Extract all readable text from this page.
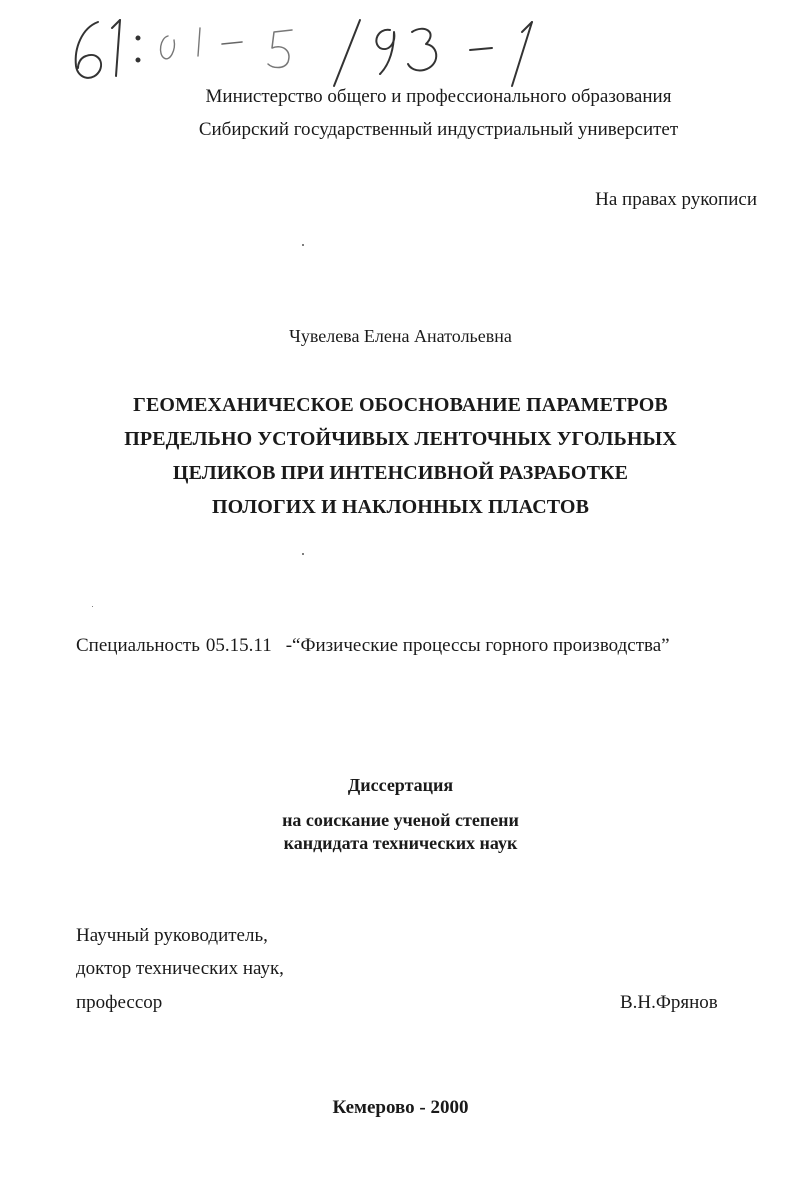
Министерство общего и профессионального образования
Сибирский государственный индустриальный университет
На правах рукописи
Чувелева Елена Анатольевна
ГЕОМЕХАНИЧЕСКОЕ ОБОСНОВАНИЕ ПАРАМЕТРОВ
ПРЕДЕЛЬНО УСТОЙЧИВЫХ ЛЕНТОЧНЫХ УГОЛЬНЫХ
ЦЕЛИКОВ ПРИ ИНТЕНСИВНОЙ РАЗРАБОТКЕ
ПОЛОГИХ И НАКЛОННЫХ ПЛАСТОВ
Специальность 05.15.11 -“Физические процессы горного производства”
Диссертация
на соискание ученой степени
кандидата технических наук
Научный руководитель,
доктор технических наук,
профессор	В.Н.Фрянов
Кемерово - 2000
